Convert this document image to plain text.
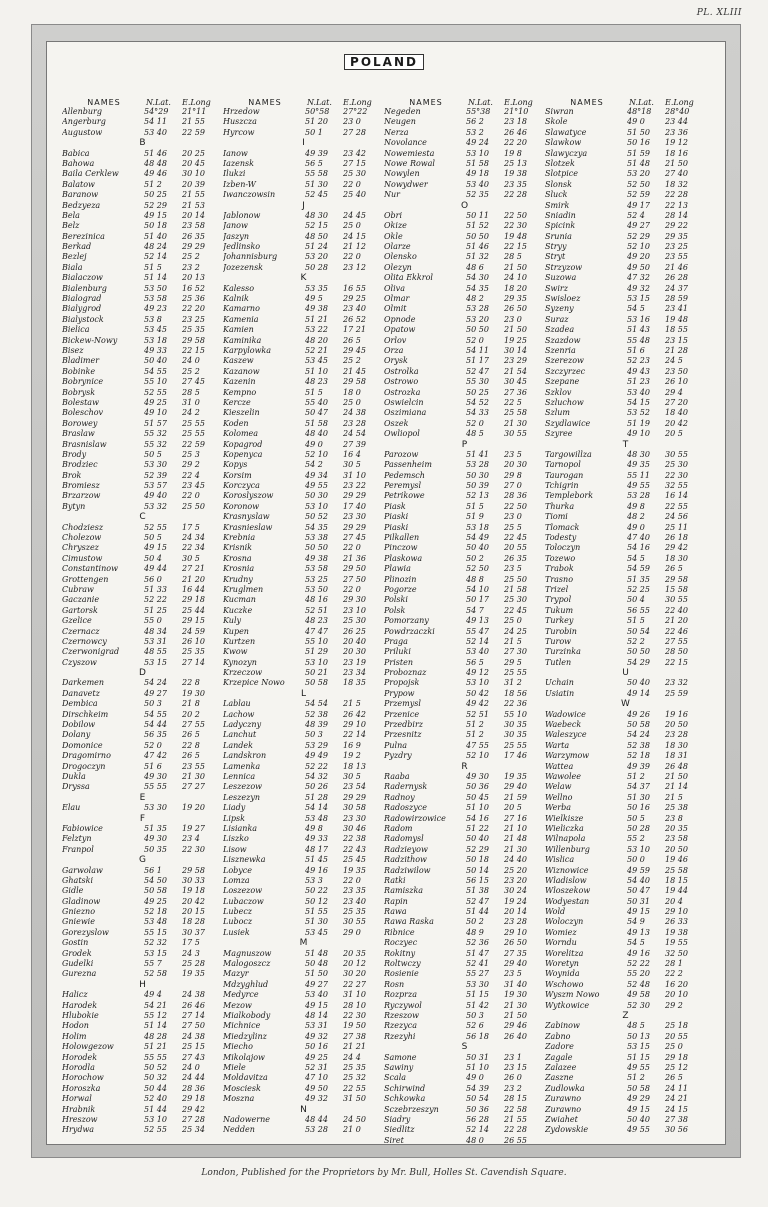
PL. XLIII
POLAND
NAMES	N.Lat.	E.Long
Allenburg	54°29	21°11
Angerburg	54 11	21 55
Augustow	53 40	22 59
B
Babica	51 46	20 25
Bahowa	48 48	20 45
Baila Cerklew	49 46	30 10
Balatow	51 2	20 39
Baranow	50 25	21 55
Bedzyeza	52 29	21 53
Bela	49 15	20 14
Belz	50 18	23 58
Berezinica	51 40	26 35
Berkad	48 24	29 29
Bezlej	52 14	25 2
Biala	51 5	23 2
Bialaczow	51 14	20 13
Bialenburg	53 50	16 52
Bialograd	53 58	25 36
Bialygrod	49 23	22 20
Bialystock	53 8	23 25
Bielica	53 45	25 35
Bickew-Nowy	53 18	29 58
Bisez	49 33	22 15
Bladimer	50 40	24 0
Bobinke	54 55	25 2
Bobrynice	55 10	27 45
Bobrysk	52 55	28 5
Bolestaw	49 25	31 0
Boleschov	49 10	24 2
Borowey	51 57	25 55
Braslaw	55 32	25 55
Brasnislaw	55 32	22 59
Brody	50 5	25 3
Brodziec	53 30	29 2
Brok	52 39	22 4
Bromiesz	53 57	23 45
Brzarzow	49 40	22 0
Bytyn	53 32	25 50
C
Chodziesz	52 55	17 5
Cholezow	50 5	24 34
Chryszez	49 15	22 34
Cimustow	50 4	30 5
Constantinow	49 44	27 21
Grottengen	56 0	21 20
Cubraw	51 33	16 44
Gaczanie	52 22	29 18
Gartorsk	51 25	25 44
Gzelice	55 0	29 15
Czernacz	48 34	24 59
Czernowcy	53 31	26 10
Czerwonigrad	48 55	25 35
Czyszow	53 15	27 14
D
Darkemen	54 24	22 8
Danavetz	49 27	19 30
Dembica	50 3	21 8
Dirschkeim	54 55	20 2
Dobilow	54 44	27 55
Dolany	56 35	26 5
Domonice	52 0	22 8
Dragomirno	47 42	26 5
Drogoczyn	51 6	23 55
Dukla	49 30	21 30
Dryssa	55 55	27 27
E
Elau	53 30	19 20
F
Fabiowice	51 35	19 27
Felztyn	49 30	23 4
Franpol	50 35	22 30
G
Garwolaw	56 1	29 58
Ghatski	54 50	30 33
Gidle	50 58	19 18
Gladinow	49 25	20 42
Gniezno	52 18	20 15
Gniewie	53 48	18 28
Gorezyslow	55 15	30 37
Gostin	52 32	17 5
Grodek	53 15	24 3
Gudelki	55 7	25 28
Gurezna	52 58	19 35
H
Halicz	49 4	24 38
Harodek	54 21	26 46
Hlubokie	55 12	27 14
Hodon	51 14	27 50
Holim	48 28	24 38
Holowgezow	51 21	25 15
Horodek	55 55	27 43
Horodla	50 52	24 0
Horochow	50 32	24 44
Horoszka	50 44	28 36
Horwal	52 40	29 18
Hrabnik	51 44	29 42
Hreszow	53 10	27 28
Hrydwa	52 55	25 34
NAMES	N.Lat.	E.Long
Hrzedow	50°58	27°22
Huszcza	51 20	23 0
Hyrcow	50 1	27 28
I
Ianow	49 39	23 42
Iazensk	56 5	27 15
Ilukzi	55 58	25 30
Izben-W	51 30	22 0
Iwanczowsin	52 45	25 40
J
Jablonow	48 30	24 45
Janow	52 15	25 0
Jaszyn	48 50	24 15
Jedlinsko	51 24	21 12
Johannisburg	53 20	22 0
Jozezensk	50 28	23 12
K
Kalesso	53 35	16 55
Kalnik	49 5	29 25
Kamarno	49 38	23 40
Kamenia	51 21	26 52
Kamien	53 22	17 21
Kaminika	48 20	26 5
Karpylowka	52 21	29 45
Kaszew	53 45	25 2
Kazanow	51 10	21 45
Kazenin	48 23	29 58
Kempno	51 5	18 0
Kercze	55 40	25 0
Kieszelin	50 47	24 38
Koden	51 58	23 28
Kolomea	48 40	24 54
Kopagrod	49 0	27 39
Kopenyca	52 10	16 4
Kopys	54 2	30 5
Korsim	49 34	31 10
Korczyca	49 55	23 22
Koroslyszow	50 30	29 29
Koronow	53 10	17 40
Krasnyslaw	50 52	23 30
Krasnieslaw	54 35	29 29
Krebnia	53 38	27 45
Krisnik	50 50	22 0
Krosna	49 38	21 36
Krosnia	53 58	29 50
Krudny	53 25	27 50
Kruglmen	53 50	22 0
Kucman	48 16	29 30
Kuczke	52 51	23 10
Kuly	48 23	25 30
Kupen	47 47	26 25
Kurtzen	55 10	20 40
Kwow	51 29	20 30
Kynozyn	53 10	23 19
Krzeczow	50 21	23 34
Krzepice Nowo	50 58	18 35
L
Lablau	54 54	21 5
Lachow	52 38	26 42
Ladyczny	48 39	29 10
Lanchut	50 3	22 14
Landek	53 29	16 9
Landskron	49 49	19 2
Lamenka	52 22	18 13
Lennica	54 32	30 5
Leszezow	50 26	23 54
Leszezyn	51 28	29 29
Liady	54 14	30 58
Lipsk	53 48	23 30
Lisianka	49 8	30 46
Liszko	49 33	22 38
Lisow	48 17	22 43
Lisznewka	51 45	25 45
Lobyce	49 16	19 35
Lomza	53 3	22 0
Loszezow	50 22	23 35
Lubaczow	50 12	23 40
Lubecz	51 55	25 35
Lubocz	51 30	30 55
Lusiek	53 45	29 0
M
Magnuszow	51 48	20 35
Malogoszcz	50 48	20 12
Mazyr	51 50	30 20
Mdzyghlud	49 27	22 27
Medyrce	53 40	31 10
Mezow	49 15	28 10
Mialkobody	48 14	22 30
Michnice	53 31	19 50
Miedzylinz	49 32	27 38
Miecho	50 16	21 21
Mikolajow	49 25	24 4
Miele	52 31	25 35
Moldavitza	47 10	25 32
Mosciesk	49 50	22 55
Moszna	49 32	31 50
N
Nadowerne	48 44	24 50
Nedden	53 28	21 0
NAMES	N.Lat.	E.Long
Negeden	55°38	21°10
Neugen	56 2	23 18
Nerza	53 2	26 46
Novolance	49 24	22 20
Nowemiesta	53 10	19 8
Nowe Rowal	51 58	25 13
Nowylen	49 18	19 38
Nowydwer	53 40	23 35
Nur	52 35	22 28
O
Obri	50 11	22 50
Okize	51 52	22 30
Okle	50 50	19 48
Olarze	51 46	22 15
Olensko	51 32	28 5
Olezyn	48 6	21 50
Olita Ekkrol	54 30	24 10
Oliva	54 35	18 20
Olmar	48 2	29 35
Olmit	53 28	26 50
Opnode	53 20	23 0
Opatow	50 50	21 50
Orlov	52 0	19 25
Orza	54 11	30 14
Orysk	51 17	23 29
Ostrolka	52 47	21 54
Ostrowo	55 30	30 45
Ostrozka	50 25	27 36
Oswielcin	54 52	22 5
Oszimiana	54 33	25 58
Oszek	52 0	21 30
Owliopol	48 5	30 55
P
Parozow	51 41	23 5
Passenheim	53 28	20 30
Pedemsch	50 30	29 8
Peremysl	50 39	27 0
Petrikowe	52 13	28 36
Piask	51 5	22 50
Piaski	51 9	23 0
Piaski	53 18	25 5
Pilkallen	54 49	22 45
Pinczow	50 40	20 55
Plaskowa	50 2	26 35
Plawia	52 50	23 5
Plinozin	48 8	25 50
Pogorze	54 10	21 58
Polski	50 17	25 30
Polsk	54 7	22 45
Pomorzany	49 13	25 0
Powdrzaczki	55 47	24 25
Praga	52 14	21 5
Priluki	53 40	27 30
Pristen	56 5	29 5
Proboznaz	49 12	25 55
Propojsk	53 10	31 2
Prypow	50 42	18 56
Przemysl	49 42	22 36
Przenice	52 51	55 10
Przedbirz	51 2	30 35
Przesnitz	51 2	30 35
Pulna	47 55	25 55
Pyzdry	52 10	17 46
R
Raaba	49 30	19 35
Radernysk	50 36	29 40
Radnoy	50 45	21 59
Radoszyce	51 10	20 5
Radowirzowice	54 16	27 16
Radom	51 22	21 10
Radomysl	50 40	21 48
Radzieyow	52 29	21 30
Radzithow	50 18	24 40
Radziwilow	50 14	25 20
Ratki	56 15	23 20
Ramiszka	51 38	30 24
Rapin	52 47	19 24
Rawa	51 44	20 14
Rawa Raska	50 2	23 28
Ribnice	48 9	29 10
Roczyec	52 36	26 50
Rokitny	51 47	27 35
Roltwczy	52 41	29 40
Rosienie	55 27	23 5
Rosn	53 30	31 40
Rozprza	51 15	19 30
Ryczywol	51 42	21 30
Rzeszow	50 3	21 50
Rzezyca	52 6	29 46
Rzezyhi	56 18	26 40
S
Samone	50 31	23 1
Sawiny	51 10	23 15
Scala	49 0	26 0
Schirwind	54 39	23 2
Schkowka	50 54	28 15
Sczebrzeszyn	50 36	22 58
Siadry	56 28	21 55
Siedlitz	52 14	22 28
Siret	48 0	26 55
NAMES	N.Lat.	E.Long
Siwran	48°18	28°40
Skole	49 0	23 44
Slawatyce	51 50	23 36
Slawkow	50 16	19 12
Slawyczya	51 59	18 16
Slotzek	51 48	21 50
Slotpice	53 20	27 40
Slonsk	52 50	18 32
Sluck	52 59	22 28
Smirk	49 17	22 13
Sniadin	52 4	28 14
Spicink	49 27	29 22
Srunia	52 29	29 35
Stryy	52 10	23 25
Stryt	49 20	23 55
Strzyzow	49 50	21 46
Suzowa	47 32	26 28
Swirz	49 32	24 37
Swisloez	53 15	28 59
Syzeny	54 5	23 41
Suraz	53 16	19 48
Szadea	51 43	18 55
Szazdow	55 48	23 15
Szenria	51 6	21 28
Szerezow	52 23	24 5
Szczyrzec	49 43	23 50
Szepane	51 23	26 10
Szklov	53 40	29 4
Szluchow	54 15	27 20
Szlum	53 52	18 40
Szydlawice	51 19	20 42
Szyree	49 10	20 5
T
Targowillza	48 30	30 55
Tarnopol	49 35	25 30
Taurogan	55 11	22 30
Tchigrin	49 55	32 55
Templebork	53 28	16 14
Thurka	49 8	22 55
Tiomi	48 2	24 56
Tlomack	49 0	25 11
Todesty	47 40	26 18
Toloczyn	54 16	29 42
Tozewo	54 5	18 30
Trabok	54 59	26 5
Trasno	51 35	29 58
Trizel	52 25	15 58
Trypol	50 4	30 55
Tukum	56 55	22 40
Turkey	51 5	21 20
Turobin	50 54	22 46
Turow	52 2	27 55
Turzinka	50 50	28 50
Tutlen	54 29	22 15
U
Uchain	50 40	23 32
Usiatin	49 14	25 59
W
Wadowice	49 26	19 16
Waebeck	50 58	20 50
Waleszyce	54 24	23 28
Warta	52 38	18 30
Warzymow	52 18	18 31
Wattea	49 39	26 48
Wawolee	51 2	21 50
Welaw	54 37	21 14
Wellno	51 30	21 5
Werba	50 16	25 38
Wielkisze	50 5	23 8
Wieliczka	50 28	20 35
Wilnapola	55 2	23 58
Willenburg	53 10	20 50
Wislica	50 0	19 46
Wiznowice	49 59	25 58
Wladislow	54 40	18 15
Wloszekow	50 47	19 44
Wodyestan	50 31	20 4
Wold	49 15	29 10
Woloczyn	54 9	26 33
Womiez	49 13	19 38
Worndu	54 5	19 55
Worelitza	49 16	32 50
Woretyn	52 22	28 1
Woynida	55 20	22 2
Wschowo	52 48	16 20
Wyszm Nowo	49 58	20 10
Wytkowice	52 30	29 2
Z
Zabinow	48 5	25 18
Zabno	50 13	20 55
Zadore	53 15	25 0
Zagale	51 15	29 18
Zalazee	49 55	25 12
Zaszne	51 2	26 5
Zudlowka	50 58	24 11
Zurawno	49 29	24 21
Zurawno	49 15	24 15
Zwiahet	50 40	27 38
Zydowskie	49 55	30 56
London, Published for the Proprietors by Mr. Bull, Holles St. Cavendish Square.
